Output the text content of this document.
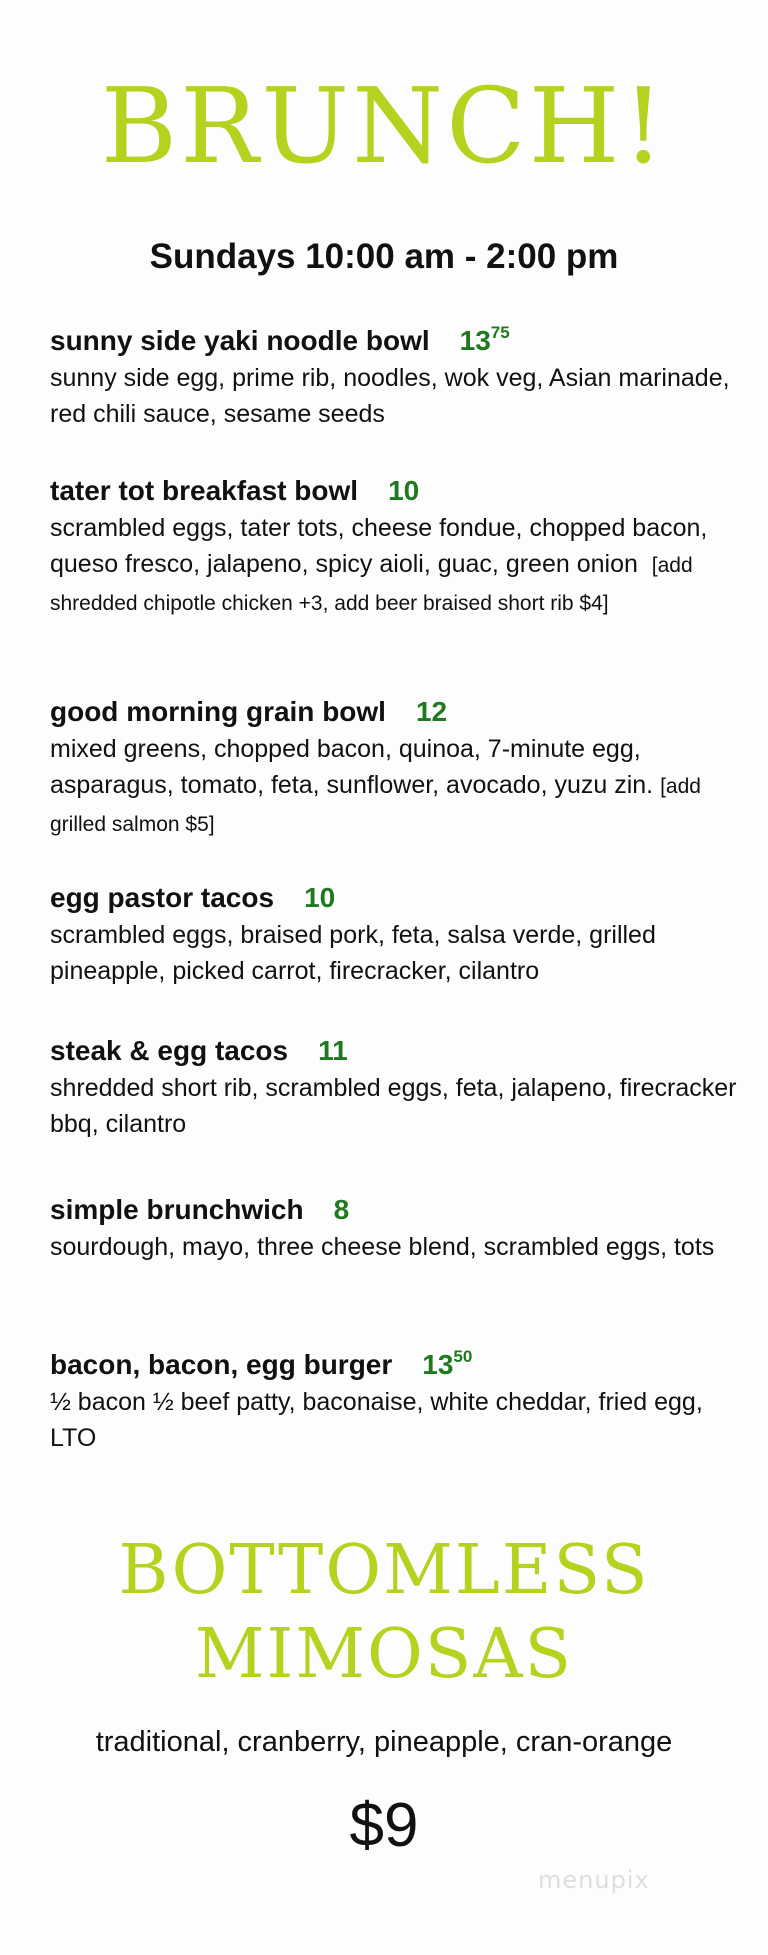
BRUNCH!
Sundays 10:00 am - 2:00 pm
sunny side yaki noodle bowl $13^{75}$
sunny side egg, prime rib, noodles, wok veg, Asian marinade, red chili sauce, sesame seeds
tater tot breakfast bowl 10
scrambled eggs, tater tots, cheese fondue, chopped bacon, queso fresco, jalapeno, spicy aioli, guac, green onion [add shredded chipotle chicken +3, add beer braised short rib $4]
good morning grain bowl 12
mixed greens, chopped bacon, quinoa, 7-minute egg, asparagus, tomato, feta, sunflower, avocado, yuzu zin. [add grilled salmon $5]
egg pastor tacos 10
scrambled eggs, braised pork, feta, salsa verde, grilled pineapple, picked carrot, firecracker, cilantro
steak & egg tacos 11
shredded short rib, scrambled eggs, feta, jalapeno, firecracker bbq, cilantro
simple brunchwich 8
sourdough, mayo, three cheese blend, scrambled eggs, tots
bacon, bacon, egg burger $13^{50}$
½ bacon ½ beef patty, baconaise, white cheddar, fried egg, LTO
BOTTOMLESS
MIMOSAS
traditional, cranberry, pineapple, cran-orange
$9
menupix
